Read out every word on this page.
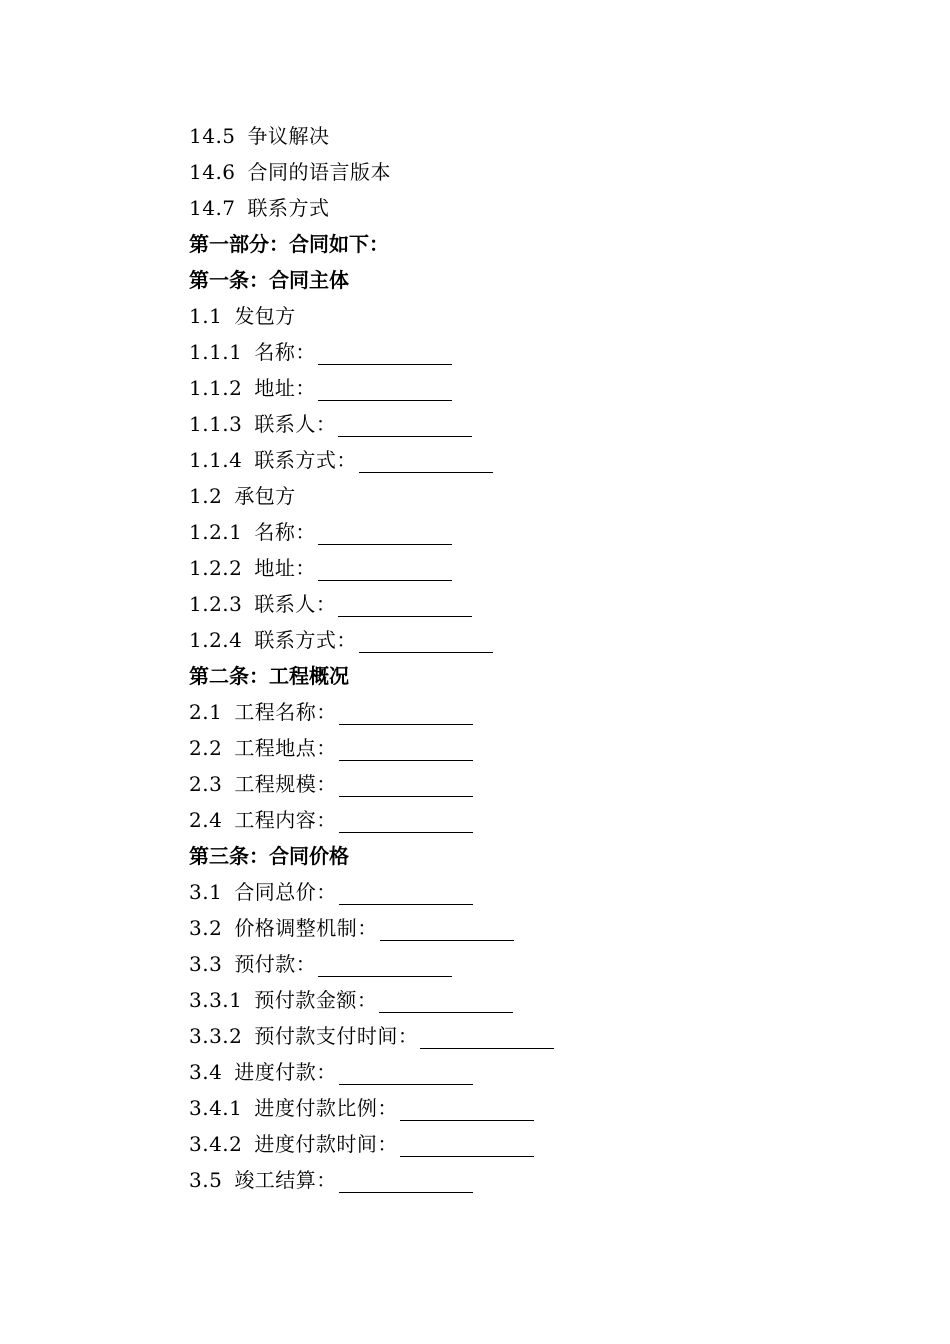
14.5 争议解决
14.6 合同的语言版本
14.7 联系方式
第一部分：合同如下：
第一条：合同主体
1.1 发包方
1.1.1 名称：
1.1.2 地址：
1.1.3 联系人：
1.1.4 联系方式：
1.2 承包方
1.2.1 名称：
1.2.2 地址：
1.2.3 联系人：
1.2.4 联系方式：
第二条：工程概况
2.1 工程名称：
2.2 工程地点：
2.3 工程规模：
2.4 工程内容：
第三条：合同价格
3.1 合同总价：
3.2 价格调整机制：
3.3 预付款：
3.3.1 预付款金额：
3.3.2 预付款支付时间：
3.4 进度付款：
3.4.1 进度付款比例：
3.4.2 进度付款时间：
3.5 竣工结算：
